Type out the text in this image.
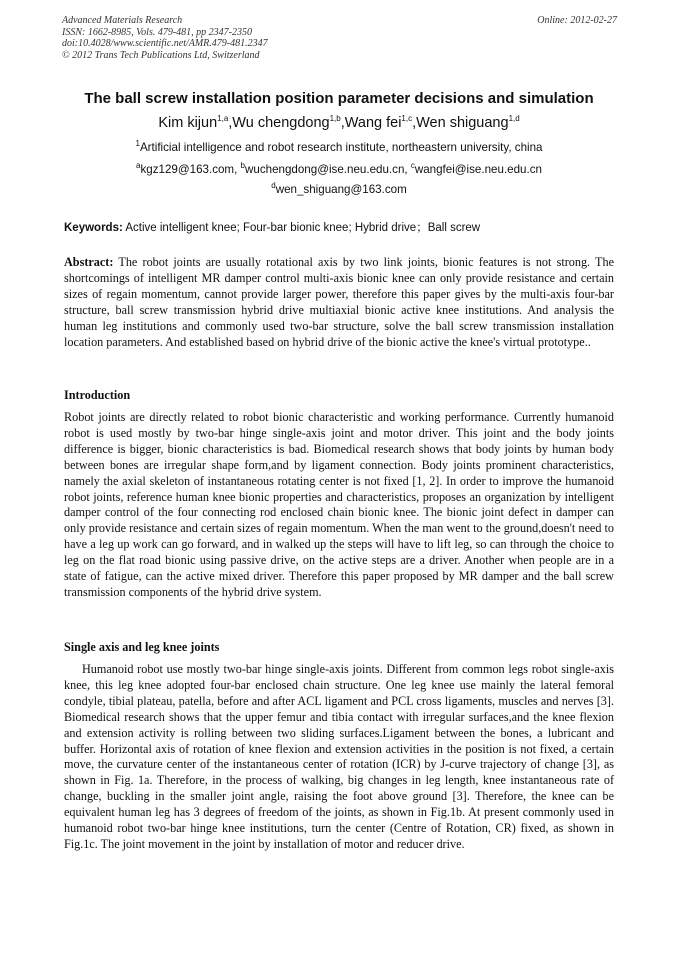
Advanced Materials Research
ISSN: 1662-8985, Vols. 479-481, pp 2347-2350
doi:10.4028/www.scientific.net/AMR.479-481.2347
© 2012 Trans Tech Publications Ltd, Switzerland
Online: 2012-02-27
The ball screw installation position parameter decisions and simulation
Kim kijun$^{1,a}$,Wu chengdong$^{1,b}$,Wang fei$^{1,c}$,Wen shiguang$^{1,d}$
$^1$Artificial intelligence and robot research institute, northeastern university, china
$^a$kgz129@163.com, $^b$wuchengdong@ise.neu.edu.cn, $^c$wangfei@ise.neu.edu.cn
$^d$wen_shiguang@163.com
Keywords: Active intelligent knee; Four-bar bionic knee; Hybrid drive；Ball screw
Abstract: The robot joints are usually rotational axis by two link joints, bionic features is not strong. The shortcomings of intelligent MR damper control multi-axis bionic knee can only provide resistance and certain sizes of regain momentum, cannot provide larger power, therefore this paper gives by the multi-axis four-bar structure, ball screw transmission hybrid drive multiaxial bionic active knee institutions. And analysis the human leg institutions and commonly used two-bar structure, solve the ball screw transmission installation location parameters. And established based on hybrid drive of the bionic active the knee's virtual prototype..
Introduction
Robot joints are directly related to robot bionic characteristic and working performance. Currently humanoid robot is used mostly by two-bar hinge single-axis joint and motor driver. This joint and the body joints difference is bigger, bionic characteristics is bad. Biomedical research shows that body joints by human body between bones are irregular shape form,and by ligament connection. Body joints prominent characteristics, namely the axial skeleton of instantaneous rotating center is not fixed [1, 2]. In order to improve the humanoid robot joints, reference human knee bionic properties and characteristics, proposes an organization by intelligent damper control of the four connecting rod enclosed chain bionic knee. The bionic joint defect in damper can only provide resistance and certain sizes of regain momentum. When the man went to the ground,doesn't need to have a leg up work can go forward, and in walked up the steps will have to lift leg, so can through the choice to leg on the flat road bionic using passive drive, on the active steps are a driver. Another when people are in a state of fatigue, can the active mixed driver. Therefore this paper proposed by MR damper and the ball screw transmission components of the hybrid drive system.
Single axis and leg knee joints
Humanoid robot use mostly two-bar hinge single-axis joints. Different from common legs robot single-axis knee, this leg knee adopted four-bar enclosed chain structure. One leg knee use mainly the lateral femoral condyle, tibial plateau, patella, before and after ACL ligament and PCL cross ligaments, muscles and nerves [3]. Biomedical research shows that the upper femur and tibia contact with irregular surfaces,and the knee flexion and extension activity is rolling between two sliding surfaces.Ligament between the bones, a lubricant and buffer. Horizontal axis of rotation of knee flexion and extension activities in the position is not fixed, a certain move, the curvature center of the instantaneous center of rotation (ICR) by J-curve trajectory of change [3], as shown in Fig. 1a. Therefore, in the process of walking, big changes in leg length, knee instantaneous rate of change, buckling in the smaller joint angle, raising the foot above ground [3]. Therefore, the knee can be equivalent human leg has 3 degrees of freedom of the joints, as shown in Fig.1b. At present commonly used in humanoid robot two-bar hinge knee institutions, turn the center (Centre of Rotation, CR) fixed, as shown in Fig.1c. The joint movement in the joint by installation of motor and reducer drive.
